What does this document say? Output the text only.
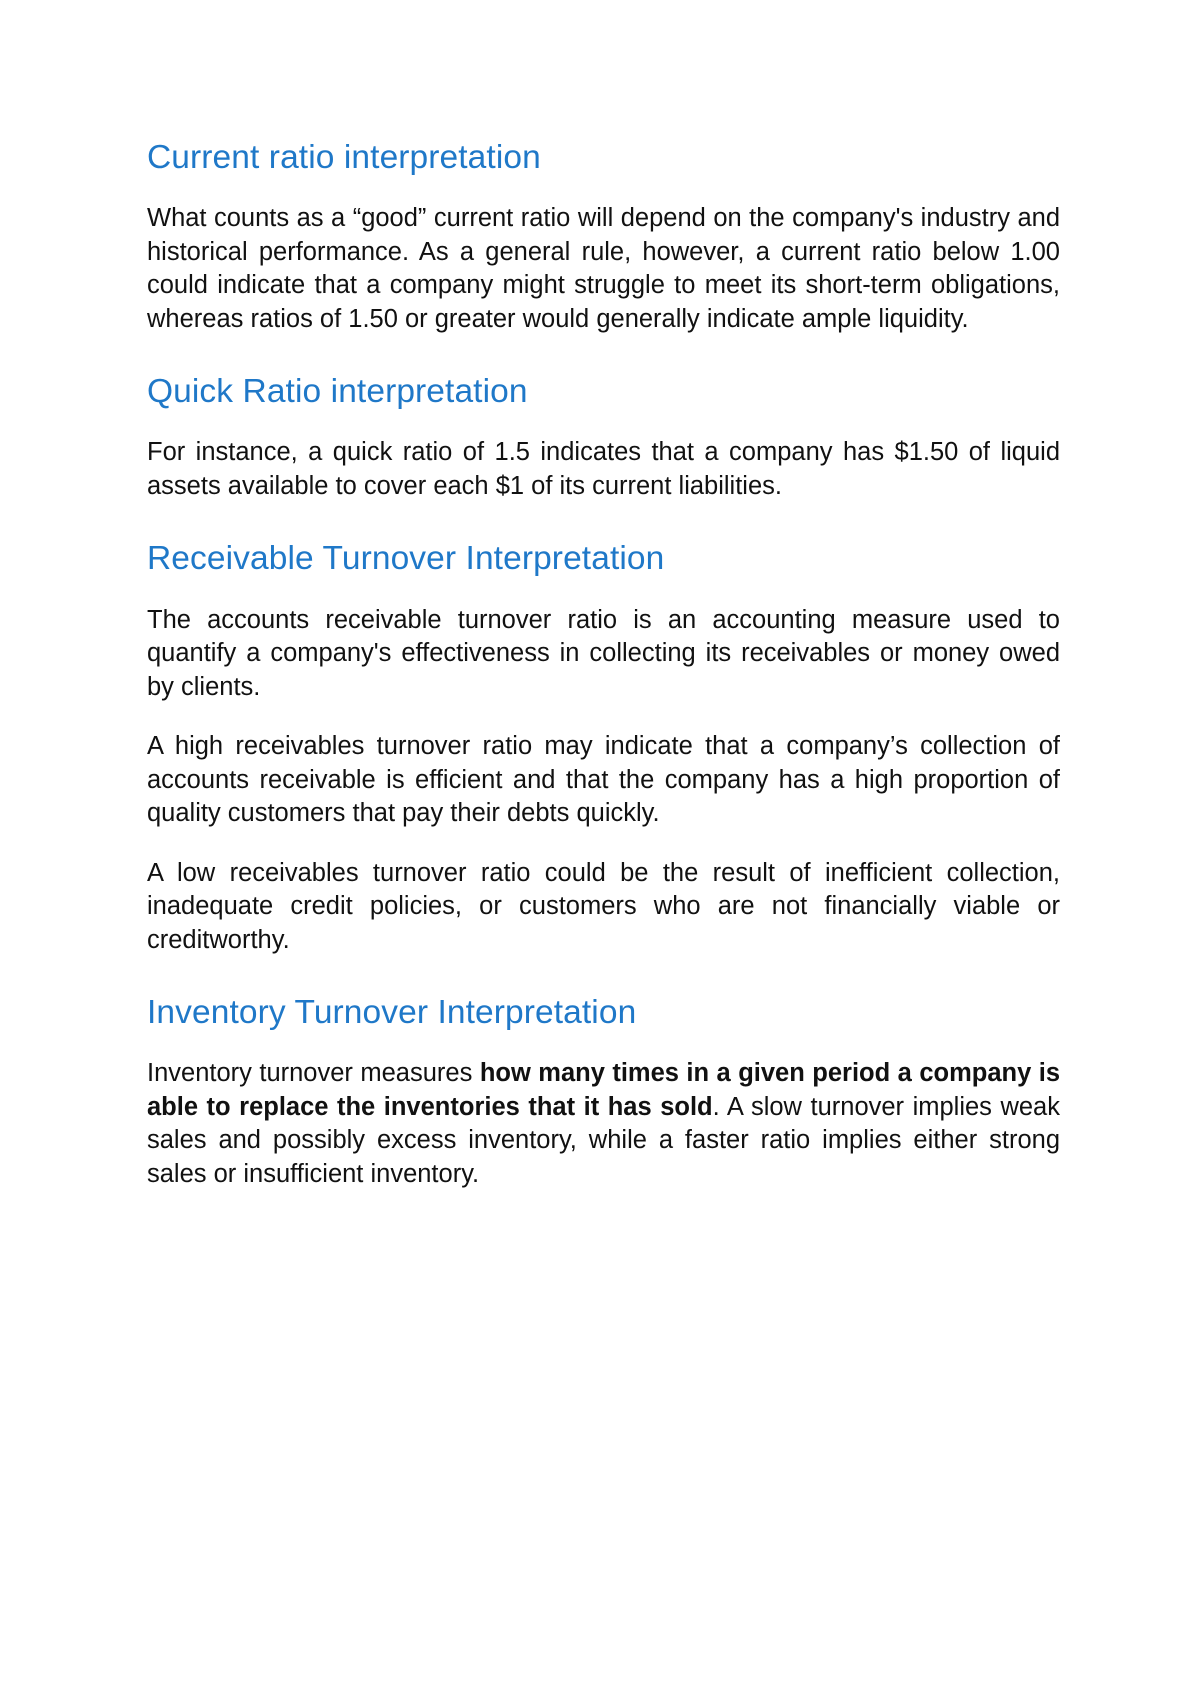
Current ratio interpretation

What counts as a “good” current ratio will depend on the company's industry and historical performance. As a general rule, however, a current ratio below 1.00 could indicate that a company might struggle to meet its short-term obligations, whereas ratios of 1.50 or greater would generally indicate ample liquidity.

Quick Ratio interpretation

For instance, a quick ratio of 1.5 indicates that a company has $1.50 of liquid assets available to cover each $1 of its current liabilities.

Receivable Turnover Interpretation

The accounts receivable turnover ratio is an accounting measure used to quantify a company's effectiveness in collecting its receivables or money owed by clients.

A high receivables turnover ratio may indicate that a company’s collection of accounts receivable is efficient and that the company has a high proportion of quality customers that pay their debts quickly.

A low receivables turnover ratio could be the result of inefficient collection, inadequate credit policies, or customers who are not financially viable or creditworthy.

Inventory Turnover Interpretation

Inventory turnover measures how many times in a given period a company is able to replace the inventories that it has sold. A slow turnover implies weak sales and possibly excess inventory, while a faster ratio implies either strong sales or insufficient inventory.
